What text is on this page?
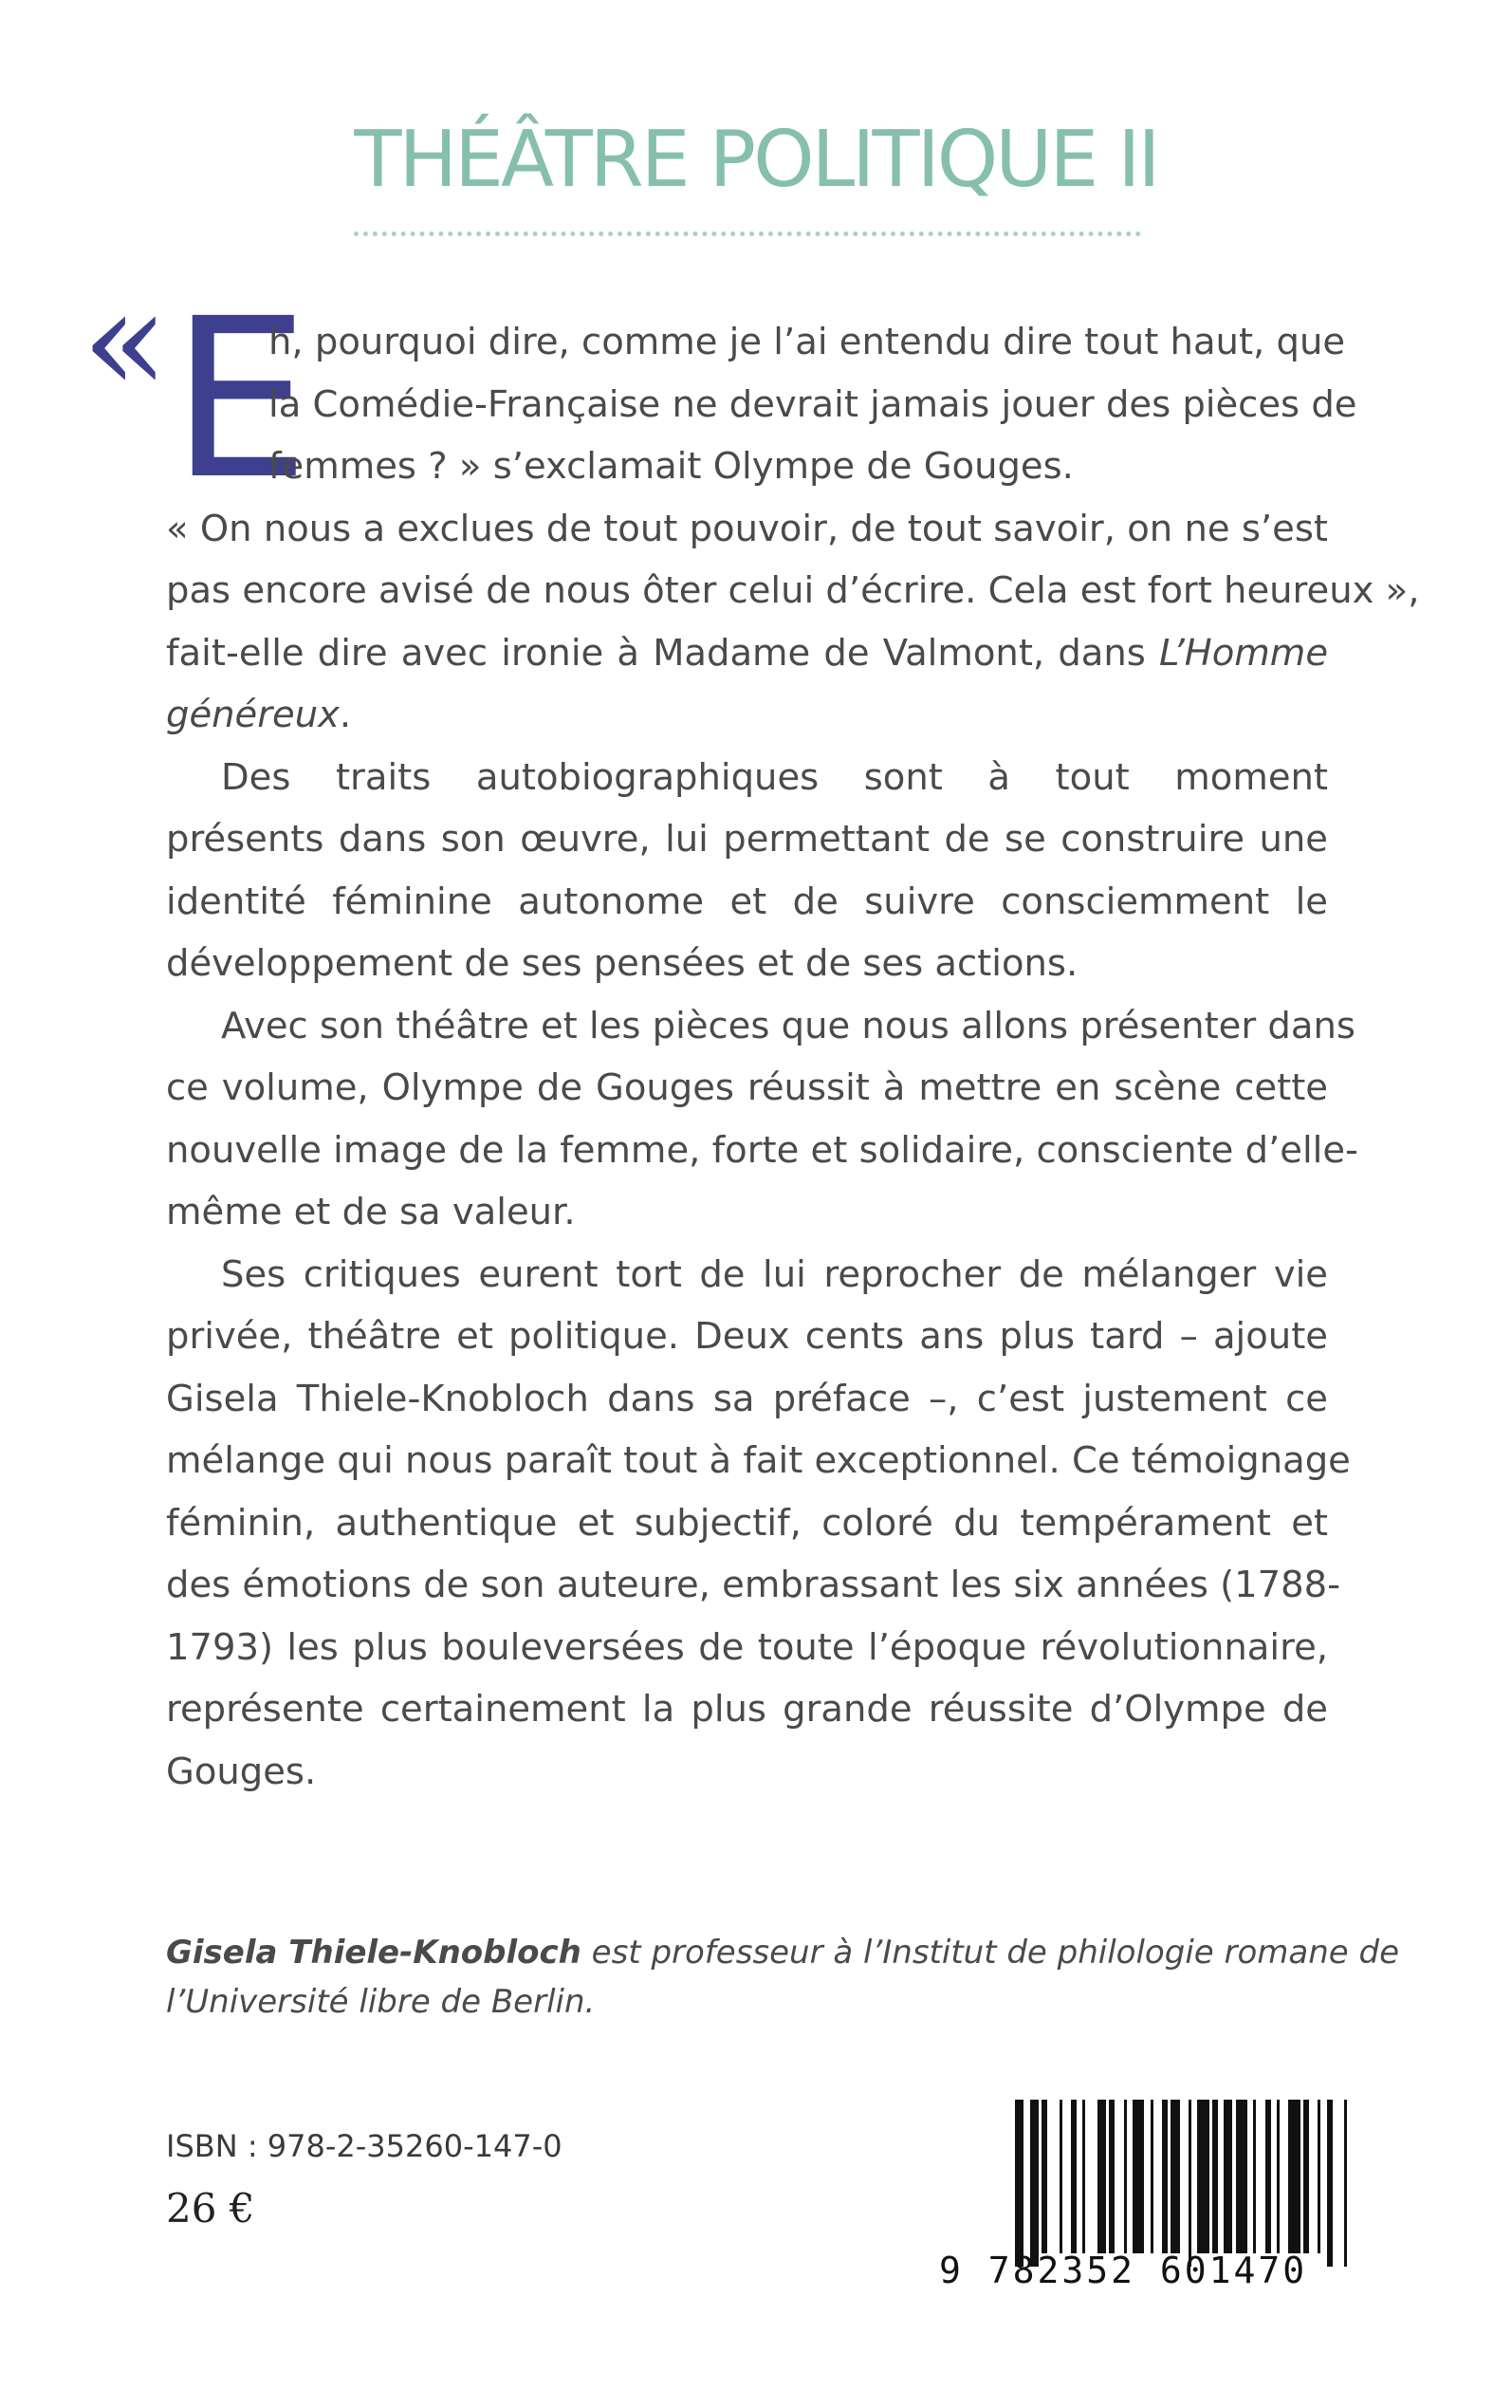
THÉÂTRE POLITIQUE II
« E
h, pourquoi dire, comme je l’ai entendu dire tout haut, que
la Comédie-Française ne devrait jamais jouer des pièces de
femmes ? » s’exclamait Olympe de Gouges.
« On nous a exclues de tout pouvoir, de tout savoir, on ne s’est
pas encore avisé de nous ôter celui d’écrire. Cela est fort heureux »,
fait-elle dire avec ironie à Madame de Valmont, dans L’Homme
généreux.
Des traits autobiographiques sont à tout moment
présents dans son œuvre, lui permettant de se construire une
identité féminine autonome et de suivre consciemment le
développement de ses pensées et de ses actions.
Avec son théâtre et les pièces que nous allons présenter dans
ce volume, Olympe de Gouges réussit à mettre en scène cette
nouvelle image de la femme, forte et solidaire, consciente d’elle-
même et de sa valeur.
Ses critiques eurent tort de lui reprocher de mélanger vie
privée, théâtre et politique. Deux cents ans plus tard – ajoute
Gisela Thiele-Knobloch dans sa préface –, c’est justement ce
mélange qui nous paraît tout à fait exceptionnel. Ce témoignage
féminin, authentique et subjectif, coloré du tempérament et
des émotions de son auteure, embrassant les six années (1788-
1793) les plus bouleversées de toute l’époque révolutionnaire,
représente certainement la plus grande réussite d’Olympe de
Gouges.
Gisela Thiele-Knobloch est professeur à l’Institut de philologie romane de
l’Université libre de Berlin.
ISBN : 978-2-35260-147-0
26 €
9 782352 601470
